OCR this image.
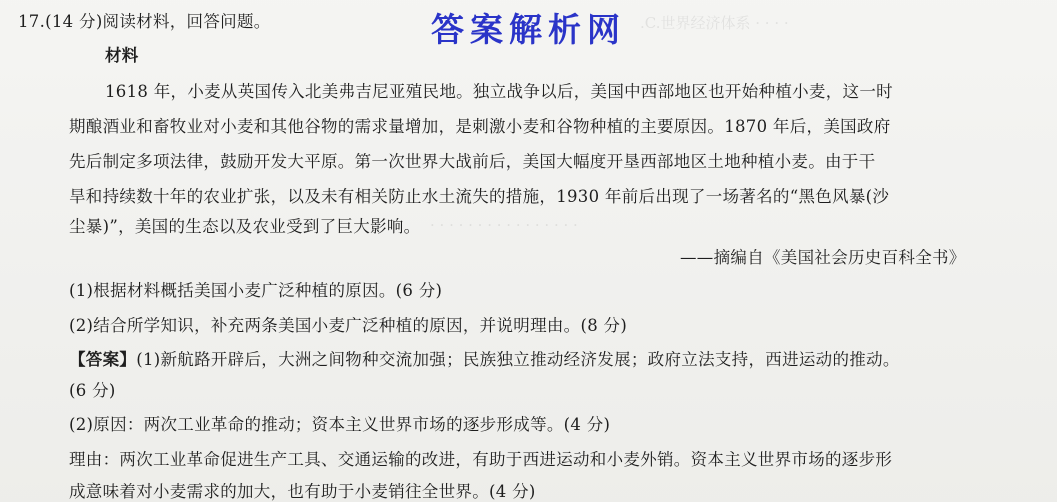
.C.世界经济体系 · · · ·
· · · · · · · · · · · · · · · ·
答案解析网
17.(14 分)阅读材料，回答问题。
材料
1618 年，小麦从英国传入北美弗吉尼亚殖民地。独立战争以后，美国中西部地区也开始种植小麦，这一时
期酿酒业和畜牧业对小麦和其他谷物的需求量增加，是刺激小麦和谷物种植的主要原因。1870 年后，美国政府
先后制定多项法律，鼓励开发大平原。第一次世界大战前后，美国大幅度开垦西部地区土地种植小麦。由于干
旱和持续数十年的农业扩张，以及未有相关防止水土流失的措施，1930 年前后出现了一场著名的“黑色风暴(沙
尘暴)”，美国的生态以及农业受到了巨大影响。
——摘编自《美国社会历史百科全书》
(1)根据材料概括美国小麦广泛种植的原因。(6 分)
(2)结合所学知识，补充两条美国小麦广泛种植的原因，并说明理由。(8 分)
【答案】(1)新航路开辟后，大洲之间物种交流加强；民族独立推动经济发展；政府立法支持，西进运动的推动。
(6 分)
(2)原因：两次工业革命的推动；资本主义世界市场的逐步形成等。(4 分)
理由：两次工业革命促进生产工具、交通运输的改进，有助于西进运动和小麦外销。资本主义世界市场的逐步形
成意味着对小麦需求的加大，也有助于小麦销往全世界。(4 分)
